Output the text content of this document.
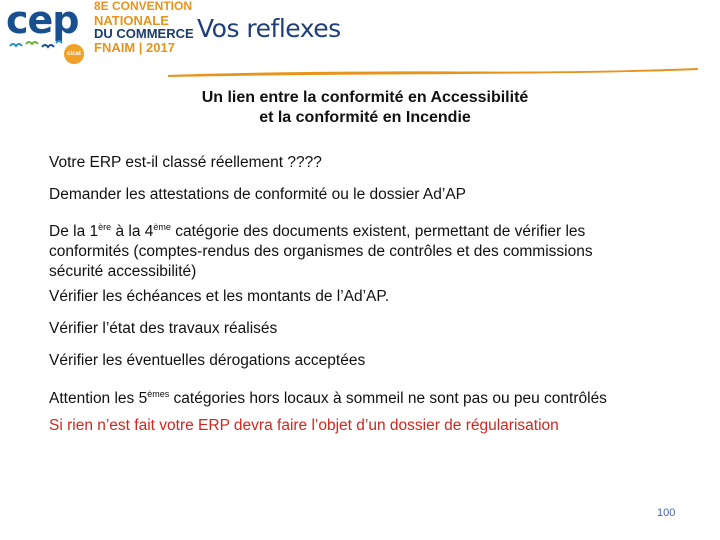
cep
cicat
8E CONVENTION
NATIONALE
DU COMMERCE
FNAIM | 2017
Vos reflexes
Un lien entre la conformité en Accessibilité
et la conformité en Incendie
Votre ERP est-il classé réellement ????
Demander les attestations de conformité ou le dossier Ad’AP
De la 1ère à la 4ème catégorie des documents existent, permettant de vérifier les
conformités (comptes-rendus des organismes de contrôles et des commissions
sécurité accessibilité)
Vérifier les échéances et les montants de l’Ad’AP.
Vérifier l’état des travaux réalisés
Vérifier les éventuelles dérogations acceptées
Attention les 5èmes catégories hors locaux à sommeil ne sont pas ou peu contrôlés
Si rien n’est fait votre ERP devra faire l’objet d’un dossier de régularisation
100
